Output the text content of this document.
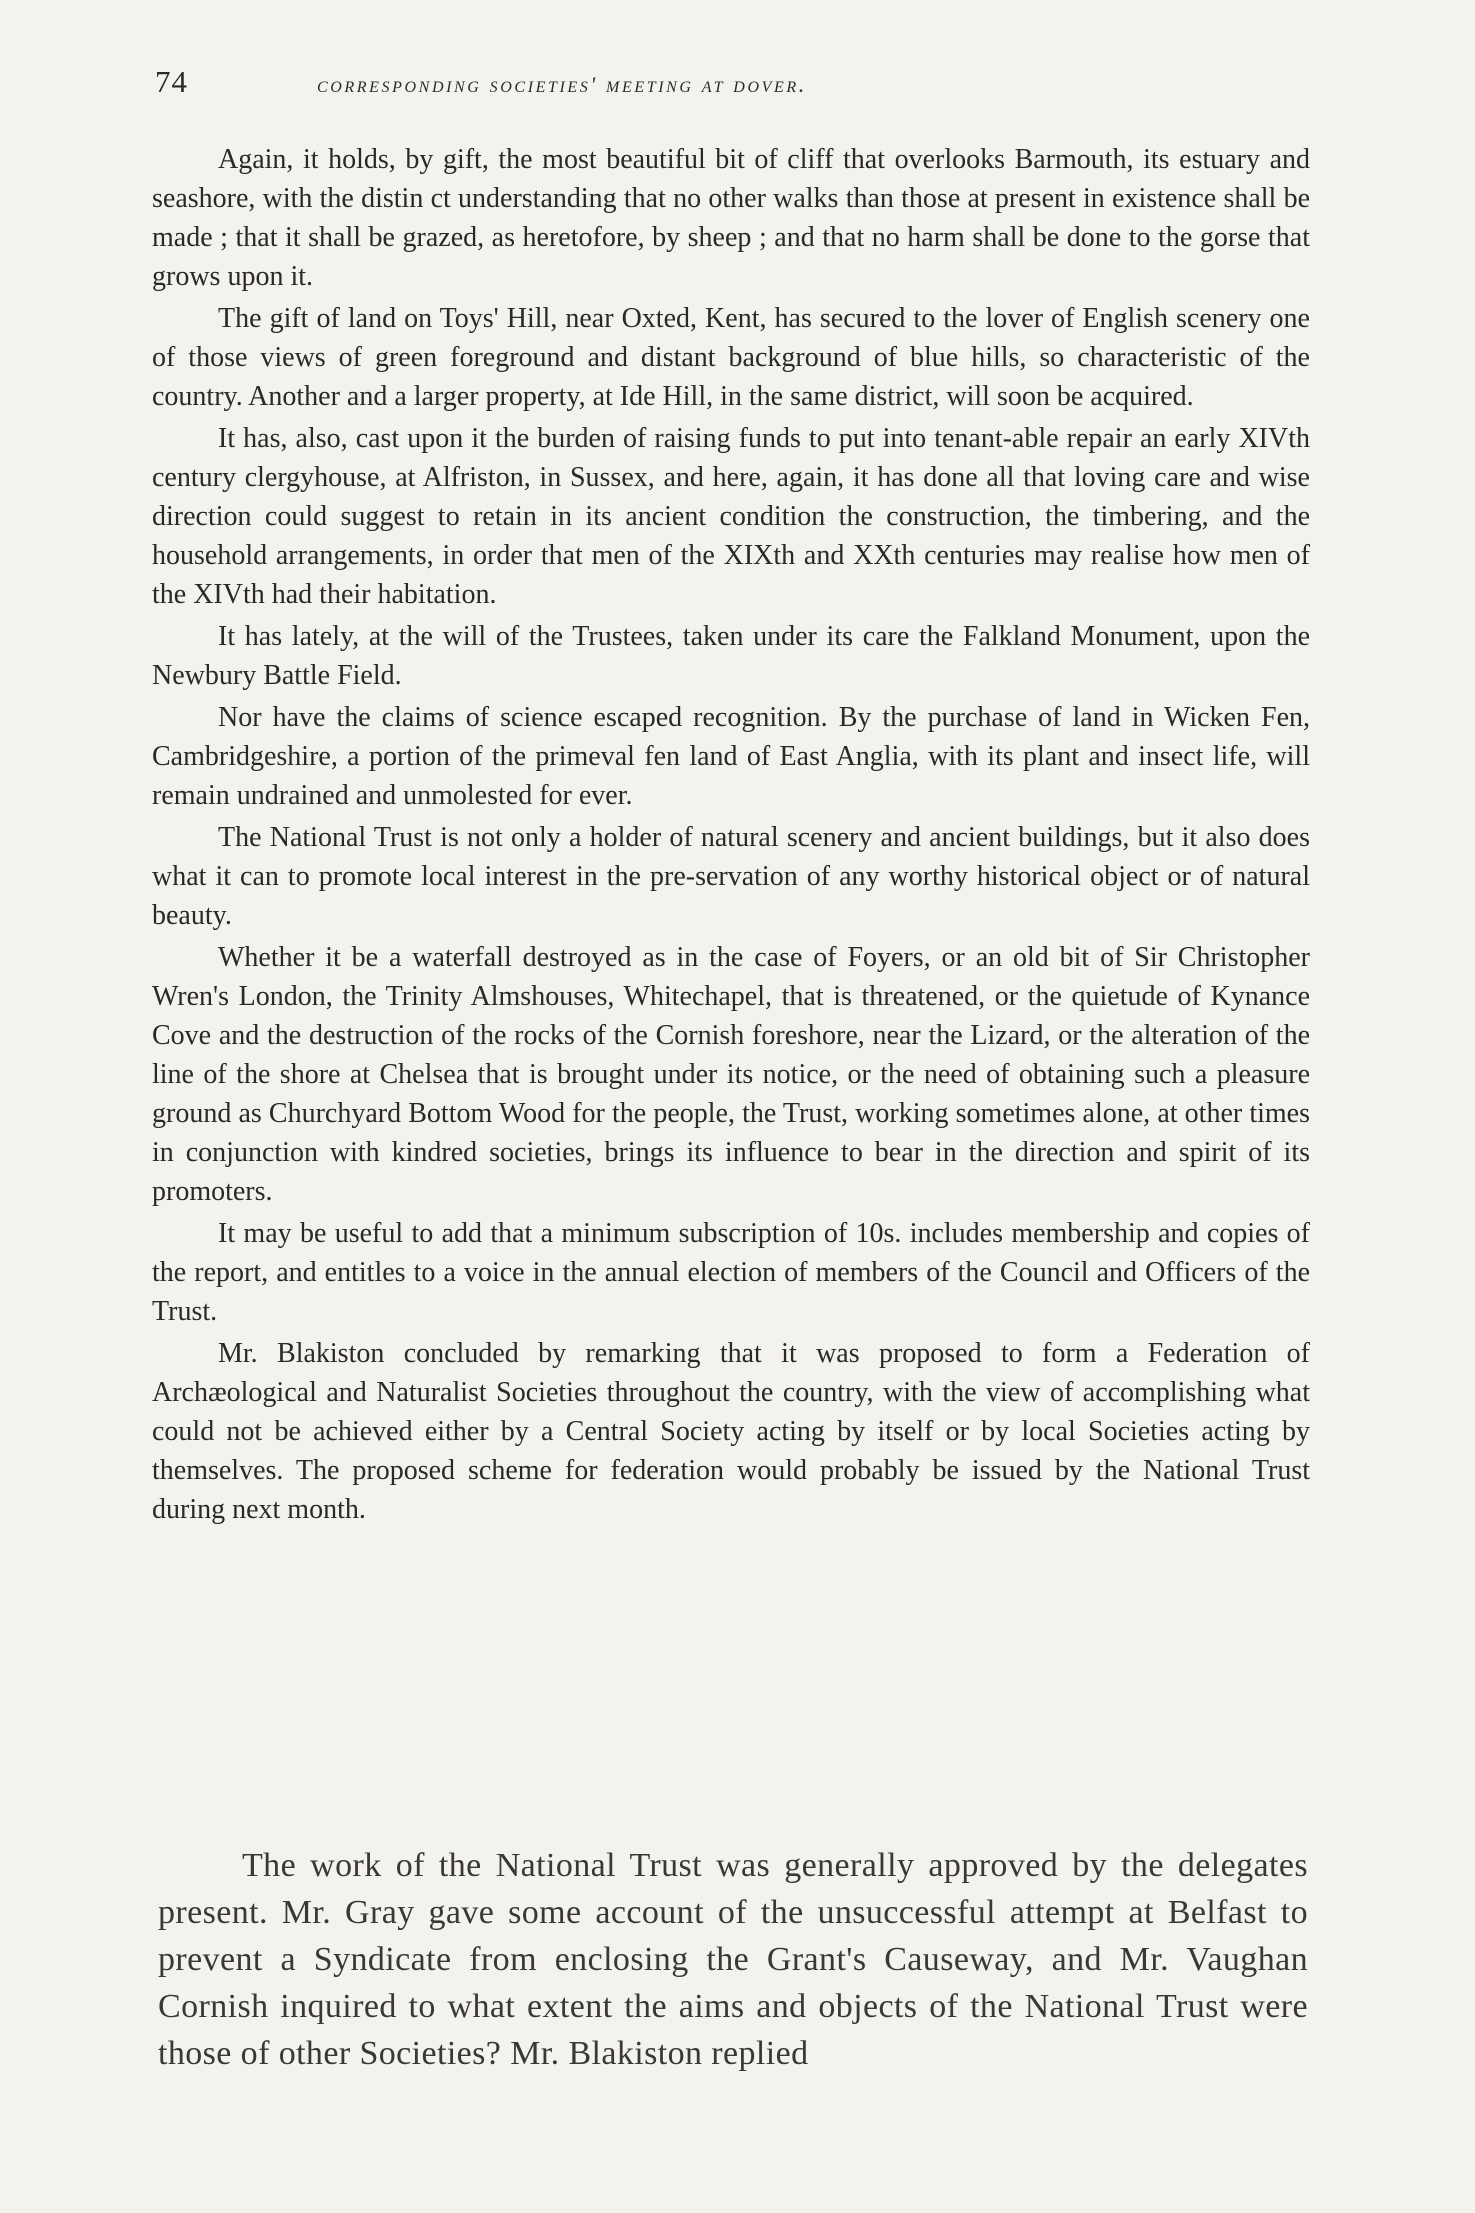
74	corresponding societies' meeting at dover.

Again, it holds, by gift, the most beautiful bit of cliff that overlooks Barmouth, its estuary and seashore, with the distin ct understanding that no other walks than those at present in existence shall be made ; that it shall be grazed, as heretofore, by sheep ; and that no harm shall be done to the gorse that grows upon it.

The gift of land on Toys' Hill, near Oxted, Kent, has secured to the lover of English scenery one of those views of green foreground and distant background of blue hills, so characteristic of the country. Another and a larger property, at Ide Hill, in the same district, will soon be acquired.

It has, also, cast upon it the burden of raising funds to put into tenant-able repair an early XIVth century clergyhouse, at Alfriston, in Sussex, and here, again, it has done all that loving care and wise direction could suggest to retain in its ancient condition the construction, the timbering, and the household arrangements, in order that men of the XIXth and XXth centuries may realise how men of the XIVth had their habitation.

It has lately, at the will of the Trustees, taken under its care the Falkland Monument, upon the Newbury Battle Field.

Nor have the claims of science escaped recognition. By the purchase of land in Wicken Fen, Cambridgeshire, a portion of the primeval fen land of East Anglia, with its plant and insect life, will remain undrained and unmolested for ever.

The National Trust is not only a holder of natural scenery and ancient buildings, but it also does what it can to promote local interest in the pre-servation of any worthy historical object or of natural beauty.

Whether it be a waterfall destroyed as in the case of Foyers, or an old bit of Sir Christopher Wren's London, the Trinity Almshouses, Whitechapel, that is threatened, or the quietude of Kynance Cove and the destruction of the rocks of the Cornish foreshore, near the Lizard, or the alteration of the line of the shore at Chelsea that is brought under its notice, or the need of obtaining such a pleasure ground as Churchyard Bottom Wood for the people, the Trust, working sometimes alone, at other times in conjunction with kindred societies, brings its influence to bear in the direction and spirit of its promoters.

It may be useful to add that a minimum subscription of 10s. includes membership and copies of the report, and entitles to a voice in the annual election of members of the Council and Officers of the Trust.

Mr. Blakiston concluded by remarking that it was proposed to form a Federation of Archæological and Naturalist Societies throughout the country, with the view of accomplishing what could not be achieved either by a Central Society acting by itself or by local Societies acting by themselves. The proposed scheme for federation would probably be issued by the National Trust during next month.

The work of the National Trust was generally approved by the delegates present. Mr. Gray gave some account of the unsuccessful attempt at Belfast to prevent a Syndicate from enclosing the Grant's Causeway, and Mr. Vaughan Cornish inquired to what extent the aims and objects of the National Trust were those of other Societies? Mr. Blakiston replied
